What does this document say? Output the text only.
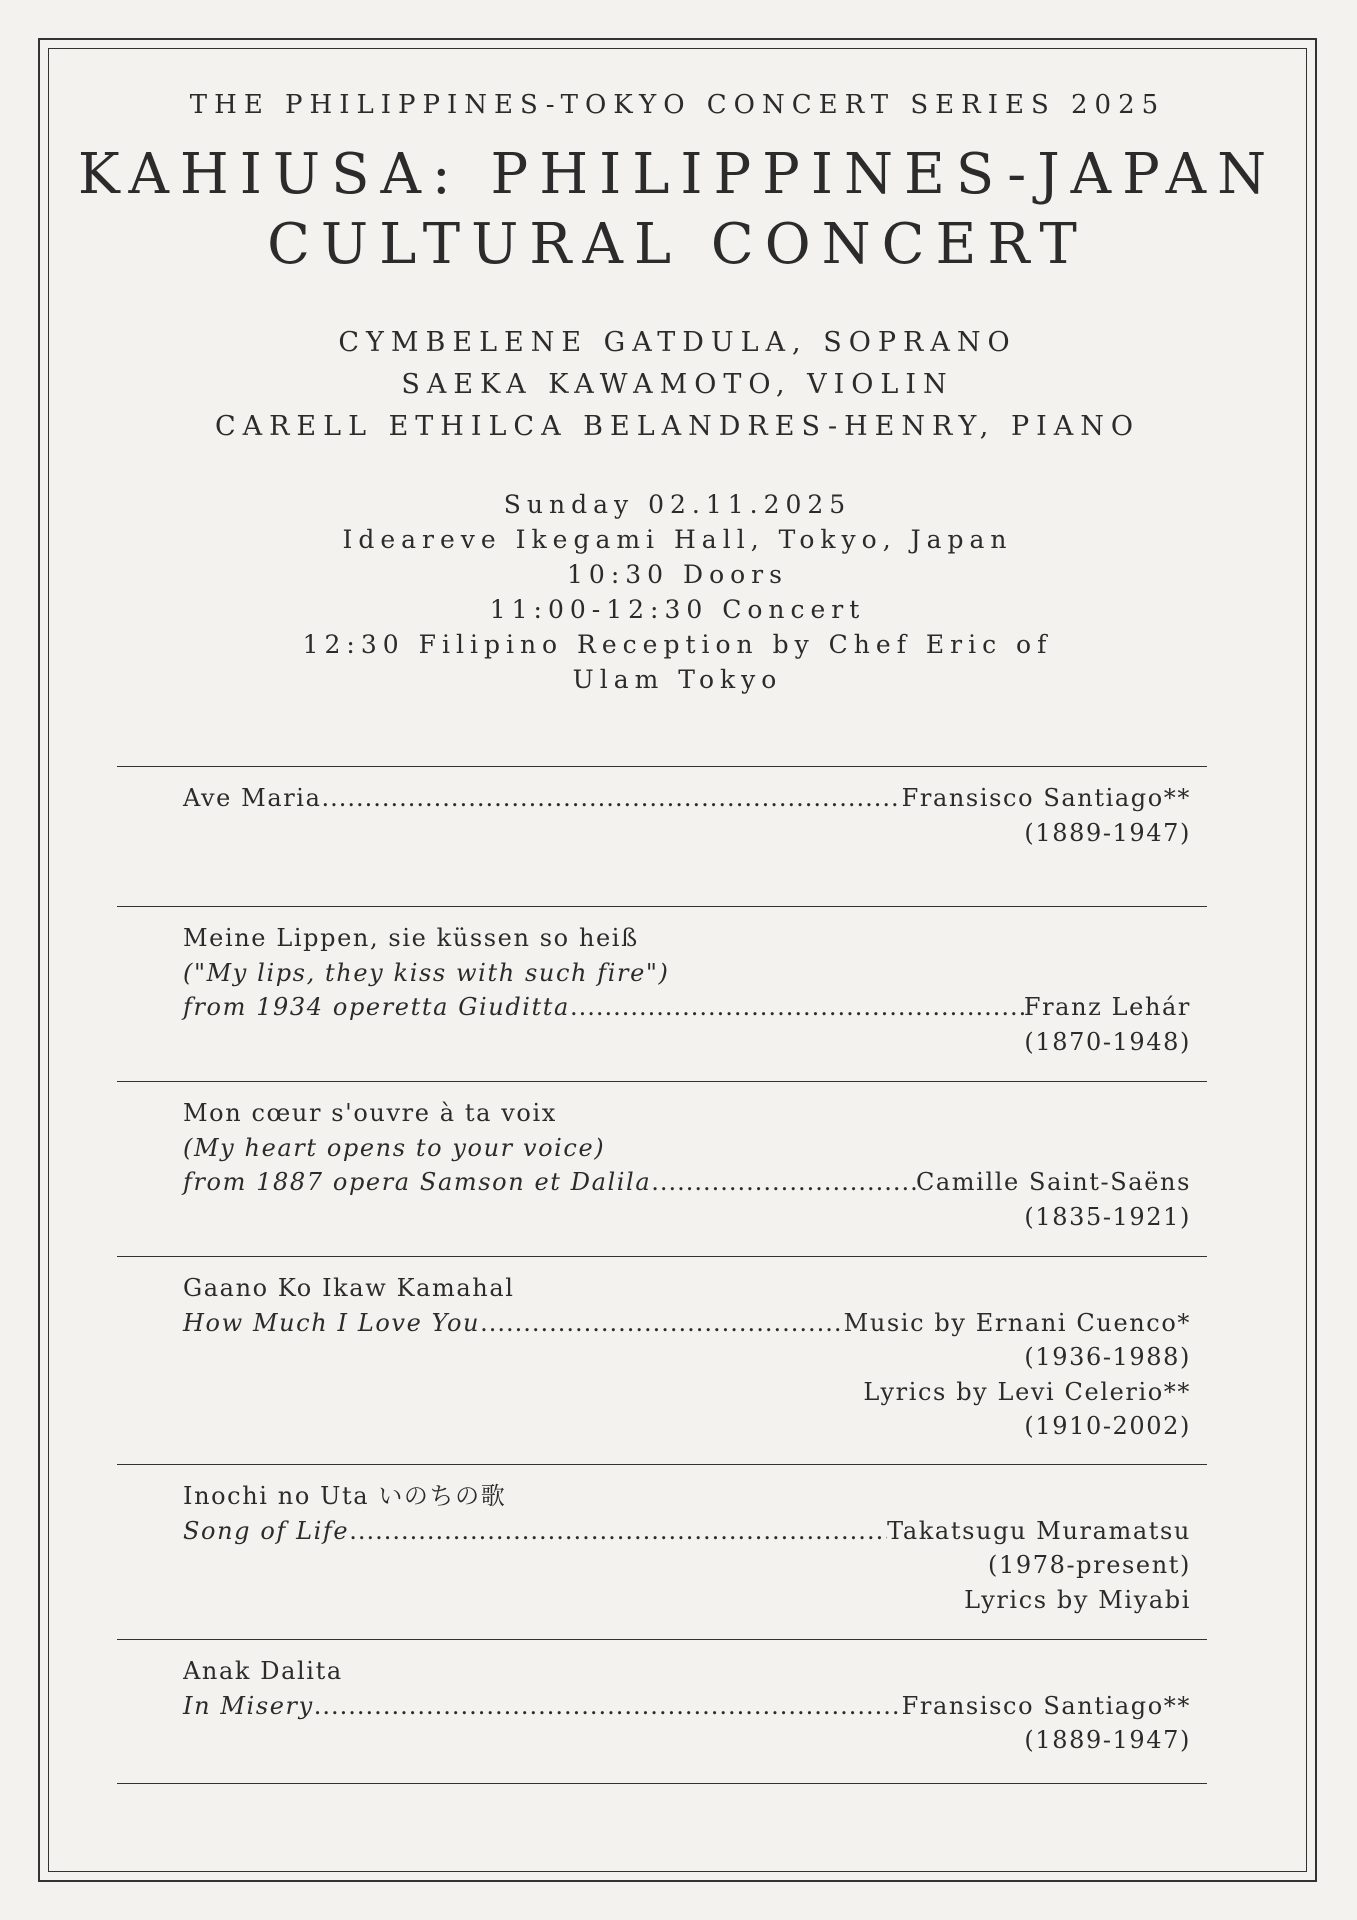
THE PHILIPPINES-TOKYO CONCERT SERIES 2025
KAHIUSA: PHILIPPINES-JAPAN
CULTURAL CONCERT
CYMBELENE GATDULA, SOPRANO
SAEKA KAWAMOTO, VIOLIN
CARELL ETHILCA BELANDRES-HENRY, PIANO
Sunday 02.11.2025
Ideareve Ikegami Hall, Tokyo, Japan
10:30 Doors
11:00-12:30 Concert
12:30 Filipino Reception by Chef Eric of
Ulam Tokyo
Ave Maria .....	Fransisco Santiago**
(1889-1947)
Meine Lippen, sie küssen so heiß
("My lips, they kiss with such fire")
from 1934 operetta Giuditta .....	Franz Lehár
(1870-1948)
Mon cœur s'ouvre à ta voix
(My heart opens to your voice)
from 1887 opera Samson et Dalila .....	Camille Saint-Saëns
(1835-1921)
Gaano Ko Ikaw Kamahal
How Much I Love You .....	Music by Ernani Cuenco*
(1936-1988)
Lyrics by Levi Celerio**
(1910-2002)
Inochi no Uta いのちの歌
Song of Life .....	Takatsugu Muramatsu
(1978-present)
Lyrics by Miyabi
Anak Dalita
In Misery .....	Fransisco Santiago**
(1889-1947)
